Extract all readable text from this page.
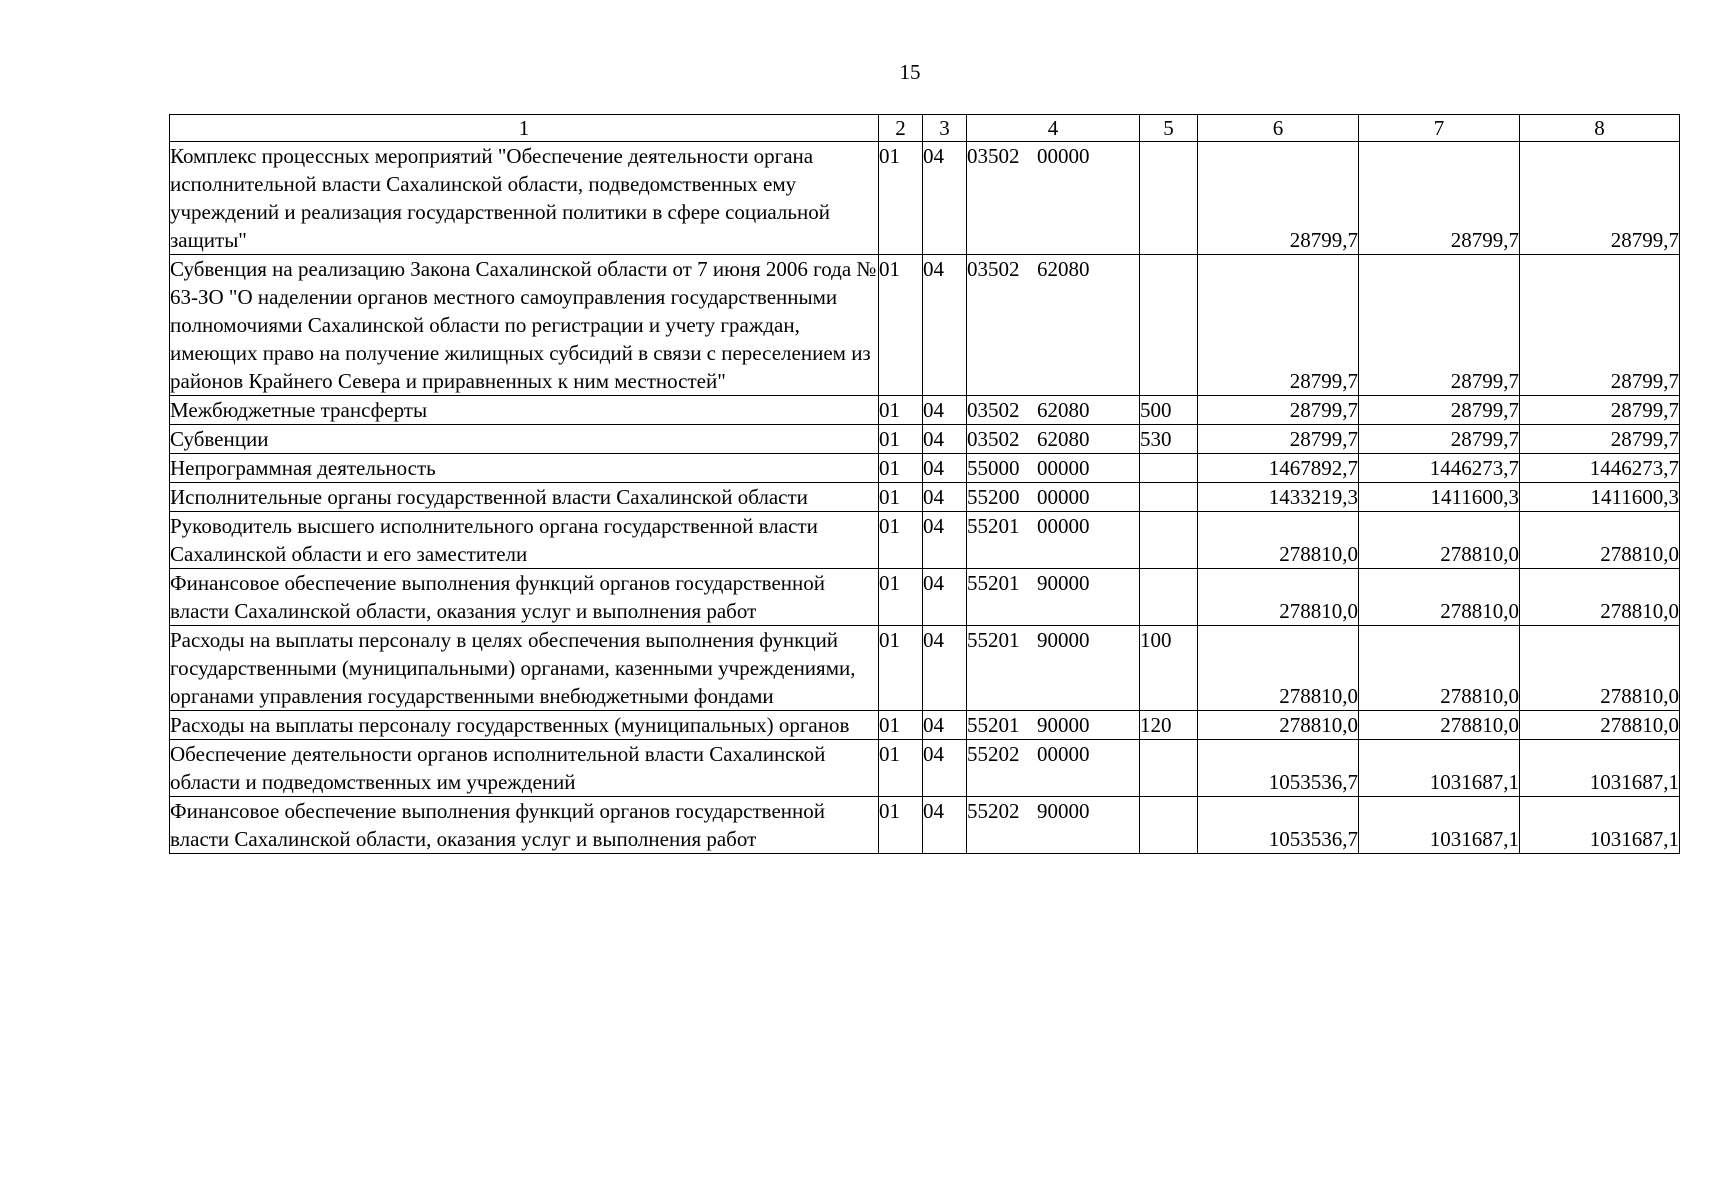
15
1	2	3	4	5	6	7	8
Комплекс процессных мероприятий "Обеспечение деятельности органа исполнительной власти Сахалинской области, подведомственных ему учреждений и реализация государственной политики в сфере социальной защиты"	01	04	03502 00000		28799,7	28799,7	28799,7
Субвенция на реализацию Закона Сахалинской области от 7 июня 2006 года № 63-ЗО "О наделении органов местного самоуправления государственными полномочиями Сахалинской области по регистрации и учету граждан, имеющих право на получение жилищных субсидий в связи с переселением из районов Крайнего Севера и приравненных к ним местностей"	01	04	03502 62080		28799,7	28799,7	28799,7
Межбюджетные трансферты	01	04	03502 62080	500	28799,7	28799,7	28799,7
Субвенции	01	04	03502 62080	530	28799,7	28799,7	28799,7
Непрограммная деятельность	01	04	55000 00000		1467892,7	1446273,7	1446273,7
Исполнительные органы государственной власти Сахалинской области	01	04	55200 00000		1433219,3	1411600,3	1411600,3
Руководитель высшего исполнительного органа государственной власти Сахалинской области и его заместители	01	04	55201 00000		278810,0	278810,0	278810,0
Финансовое обеспечение выполнения функций органов государственной власти Сахалинской области, оказания услуг и выполнения работ	01	04	55201 90000		278810,0	278810,0	278810,0
Расходы на выплаты персоналу в целях обеспечения выполнения функций государственными (муниципальными) органами, казенными учреждениями, органами управления государственными внебюджетными фондами	01	04	55201 90000	100	278810,0	278810,0	278810,0
Расходы на выплаты персоналу государственных (муниципальных) органов	01	04	55201 90000	120	278810,0	278810,0	278810,0
Обеспечение деятельности органов исполнительной власти Сахалинской области и подведомственных им учреждений	01	04	55202 00000		1053536,7	1031687,1	1031687,1
Финансовое обеспечение выполнения функций органов государственной власти Сахалинской области, оказания услуг и выполнения работ	01	04	55202 90000		1053536,7	1031687,1	1031687,1
